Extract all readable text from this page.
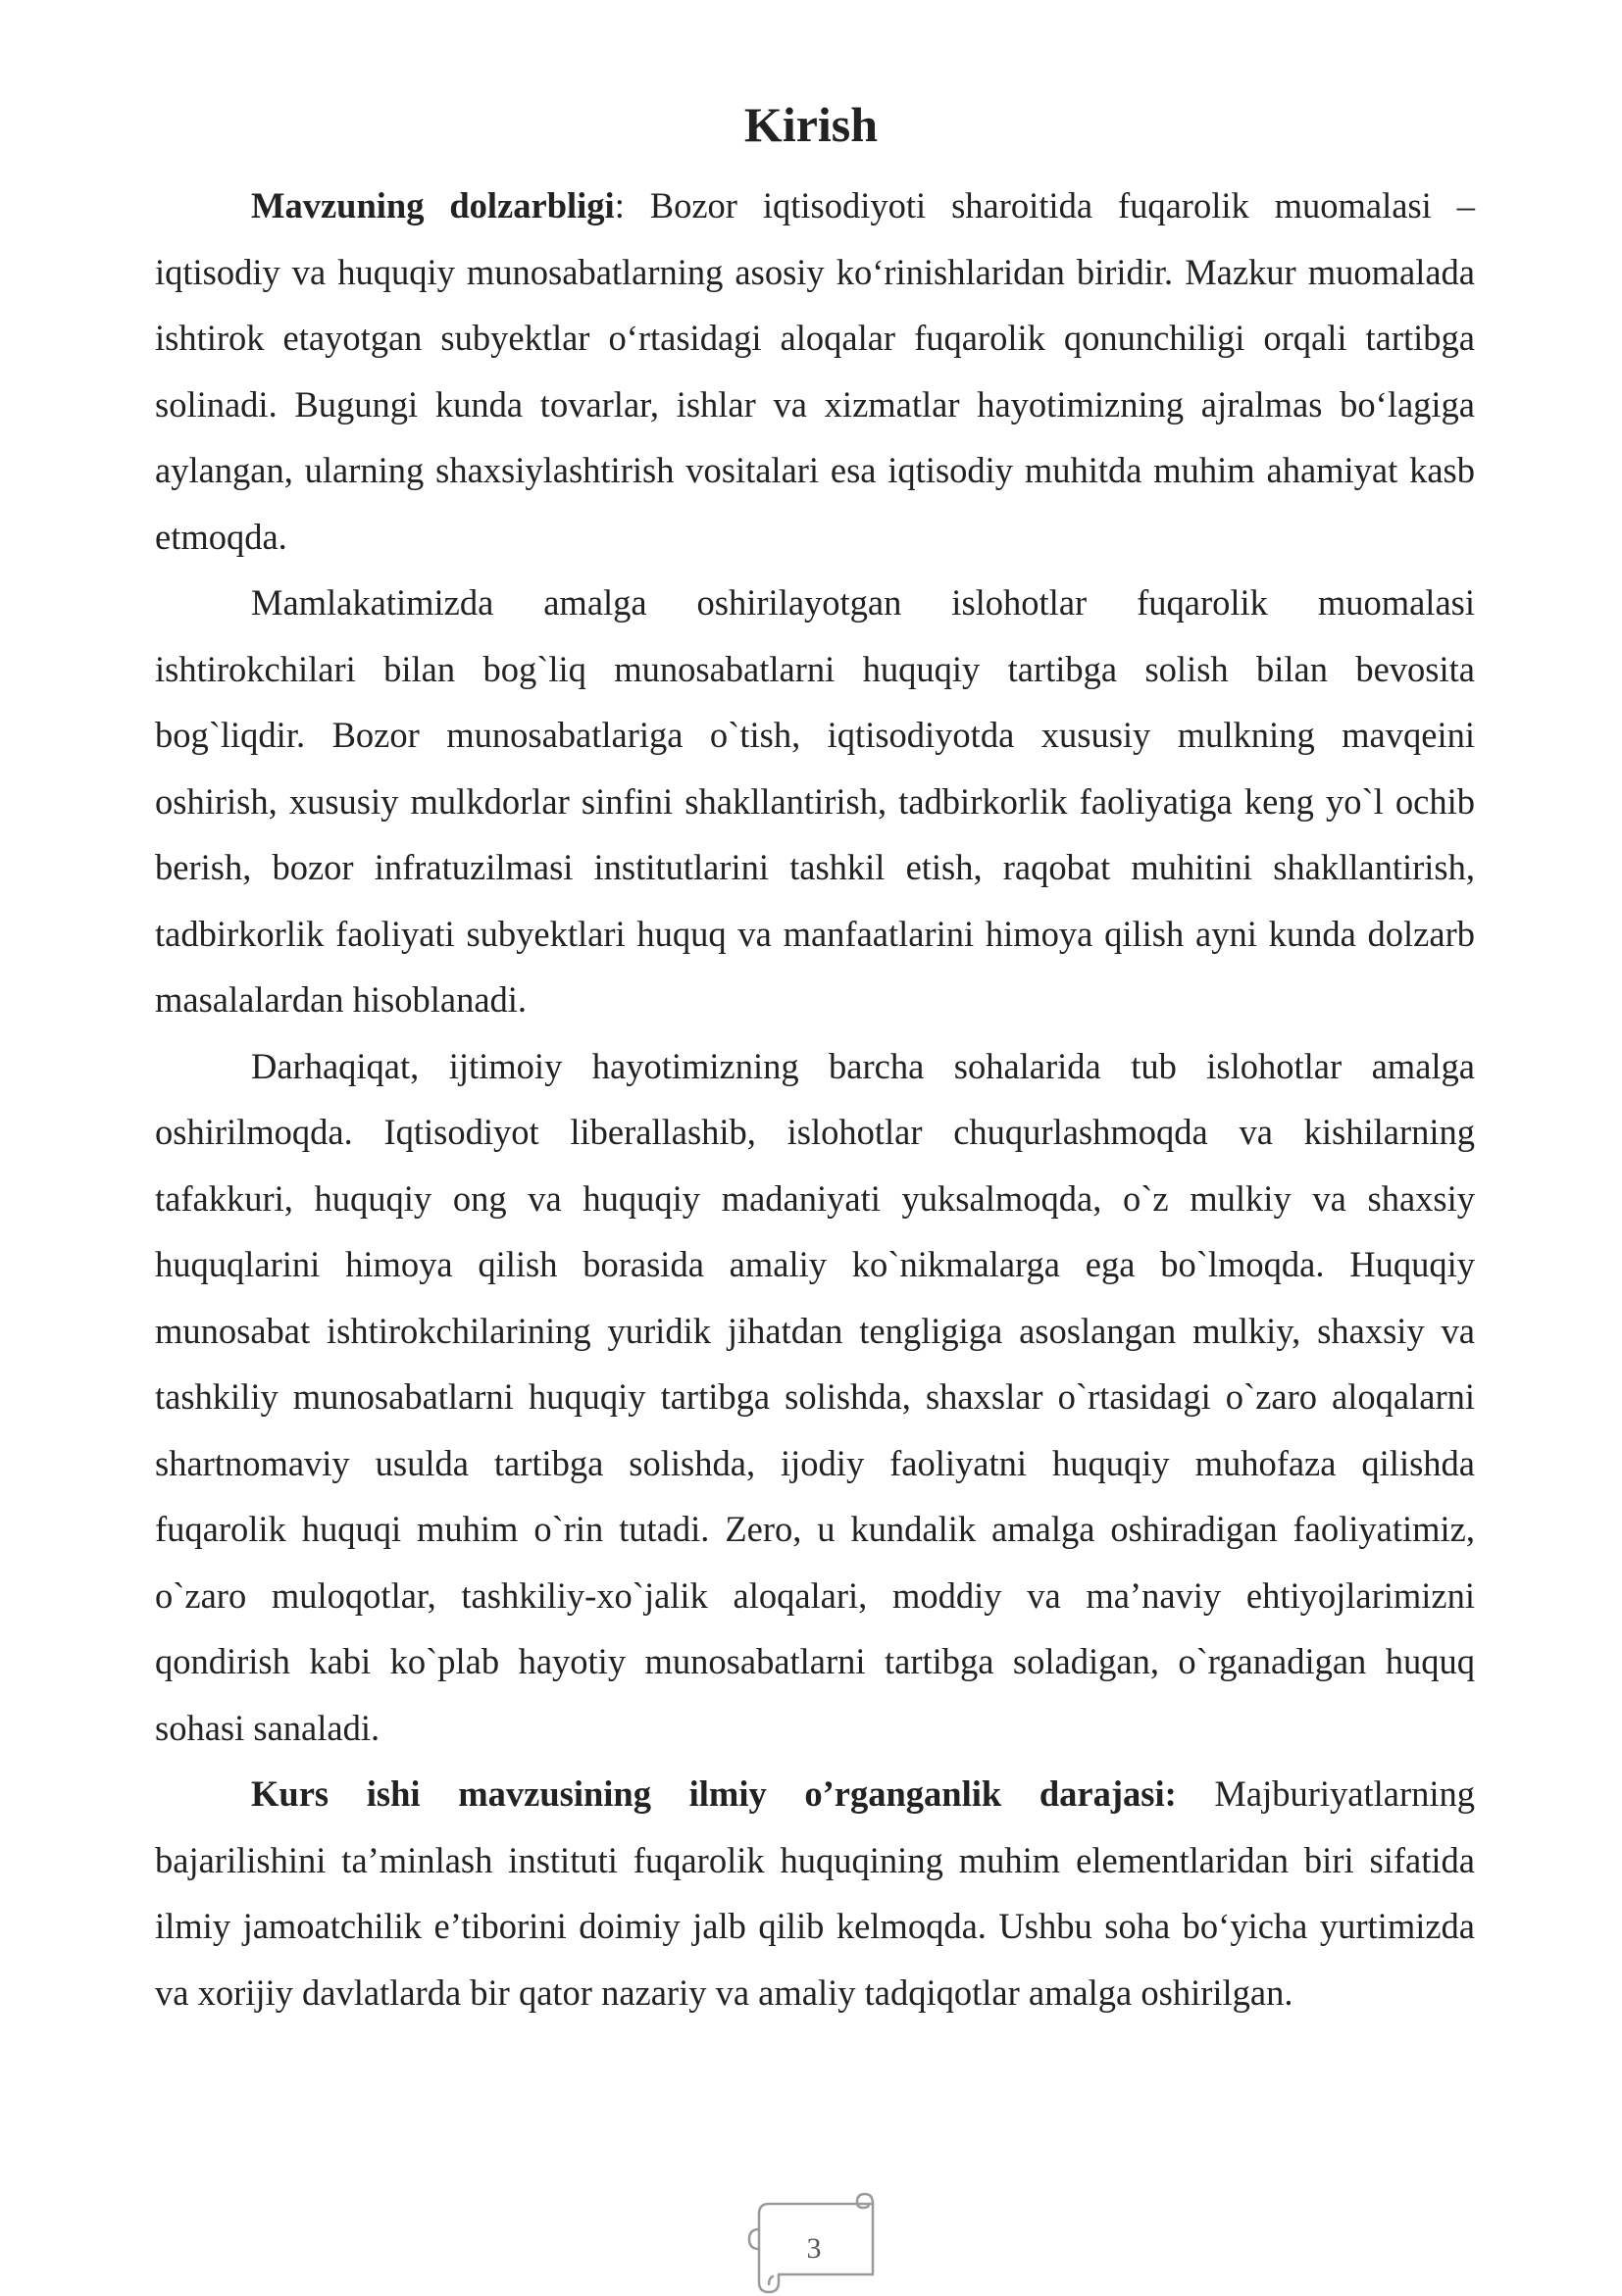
Kirish

Mavzuning dolzarbligi: Bozor iqtisodiyoti sharoitida fuqarolik muomalasi – iqtisodiy va huquqiy munosabatlarning asosiy ko‘rinishlaridan biridir. Mazkur muomalada ishtirok etayotgan subyektlar o‘rtasidagi aloqalar fuqarolik qonunchiligi orqali tartibga solinadi. Bugungi kunda tovarlar, ishlar va xizmatlar hayotimizning ajralmas bo‘lagiga aylangan, ularning shaxsiylashtirish vositalari esa iqtisodiy muhitda muhim ahamiyat kasb etmoqda.

Mamlakatimizda amalga oshirilayotgan islohotlar fuqarolik muomalasi ishtirokchilari bilan bog`liq munosabatlarni huquqiy tartibga solish bilan bevosita bog`liqdir. Bozor munosabatlariga o`tish, iqtisodiyotda xususiy mulkning mavqeini oshirish, xususiy mulkdorlar sinfini shakllantirish, tadbirkorlik faoliyatiga keng yo`l ochib berish, bozor infratuzilmasi institutlarini tashkil etish, raqobat muhitini shakllantirish, tadbirkorlik faoliyati subyektlari huquq va manfaatlarini himoya qilish ayni kunda dolzarb masalalardan hisoblanadi.

Darhaqiqat, ijtimoiy hayotimizning barcha sohalarida tub islohotlar amalga oshirilmoqda. Iqtisodiyot liberallashib, islohotlar chuqurlashmoqda va kishilarning tafakkuri, huquqiy ong va huquqiy madaniyati yuksalmoqda, o`z mulkiy va shaxsiy huquqlarini himoya qilish borasida amaliy ko`nikmalarga ega bo`lmoqda. Huquqiy munosabat ishtirokchilarining yuridik jihatdan tengligiga asoslangan mulkiy, shaxsiy va tashkiliy munosabatlarni huquqiy tartibga solishda, shaxslar o`rtasidagi o`zaro aloqalarni shartnomaviy usulda tartibga solishda, ijodiy faoliyatni huquqiy muhofaza qilishda fuqarolik huquqi muhim o`rin tutadi. Zero, u kundalik amalga oshiradigan faoliyatimiz, o`zaro muloqotlar, tashkiliy-xo`jalik aloqalari, moddiy va ma’naviy ehtiyojlarimizni qondirish kabi ko`plab hayotiy munosabatlarni tartibga soladigan, o`rganadigan huquq sohasi sanaladi.

Kurs ishi mavzusining ilmiy o’rganganlik darajasi: Majburiyatlarning bajarilishini ta’minlash instituti fuqarolik huquqining muhim elementlaridan biri sifatida ilmiy jamoatchilik e’tiborini doimiy jalb qilib kelmoqda. Ushbu soha bo‘yicha yurtimizda va xorijiy davlatlarda bir qator nazariy va amaliy tadqiqotlar amalga oshirilgan.

3
